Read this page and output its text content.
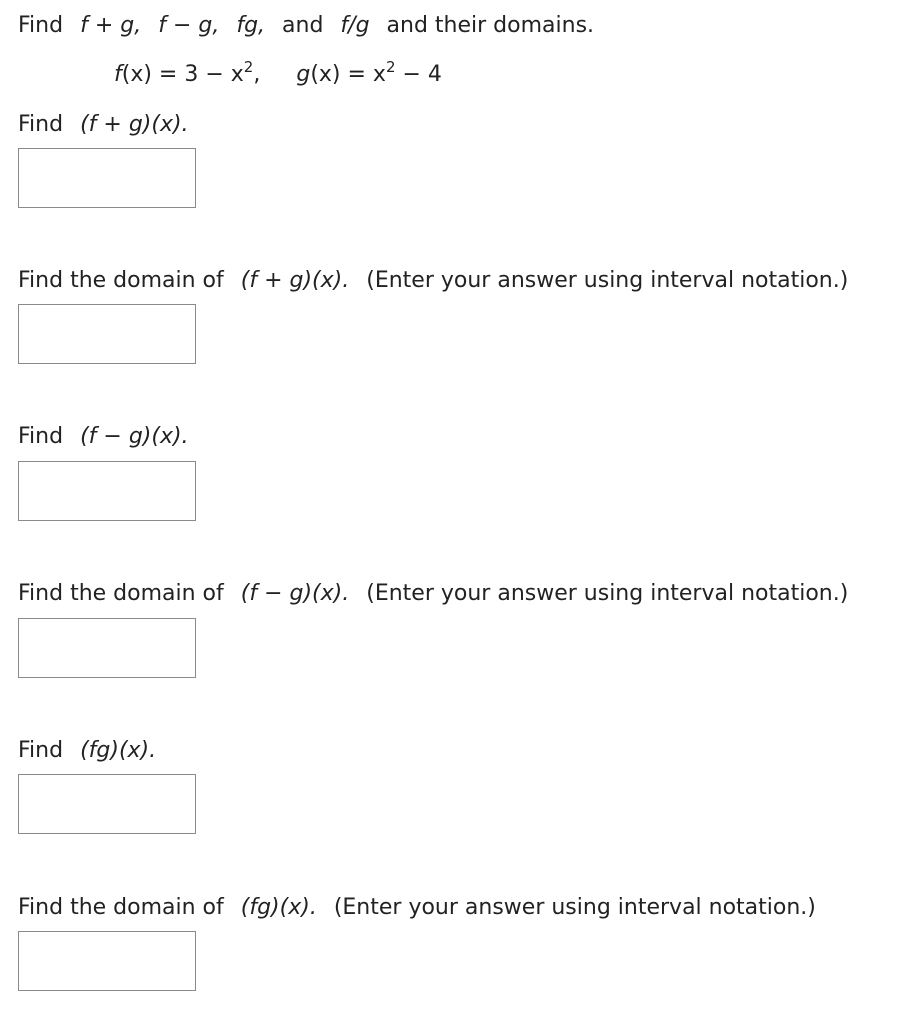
Find f + g, f − g, fg, and f/g and their domains.
$f(x) = 3 - x^2$, $g(x) = x^2 - 4$
Find (f + g)(x).
Find the domain of (f + g)(x). (Enter your answer using interval notation.)
Find (f − g)(x).
Find the domain of (f − g)(x). (Enter your answer using interval notation.)
Find (fg)(x).
Find the domain of (fg)(x). (Enter your answer using interval notation.)
